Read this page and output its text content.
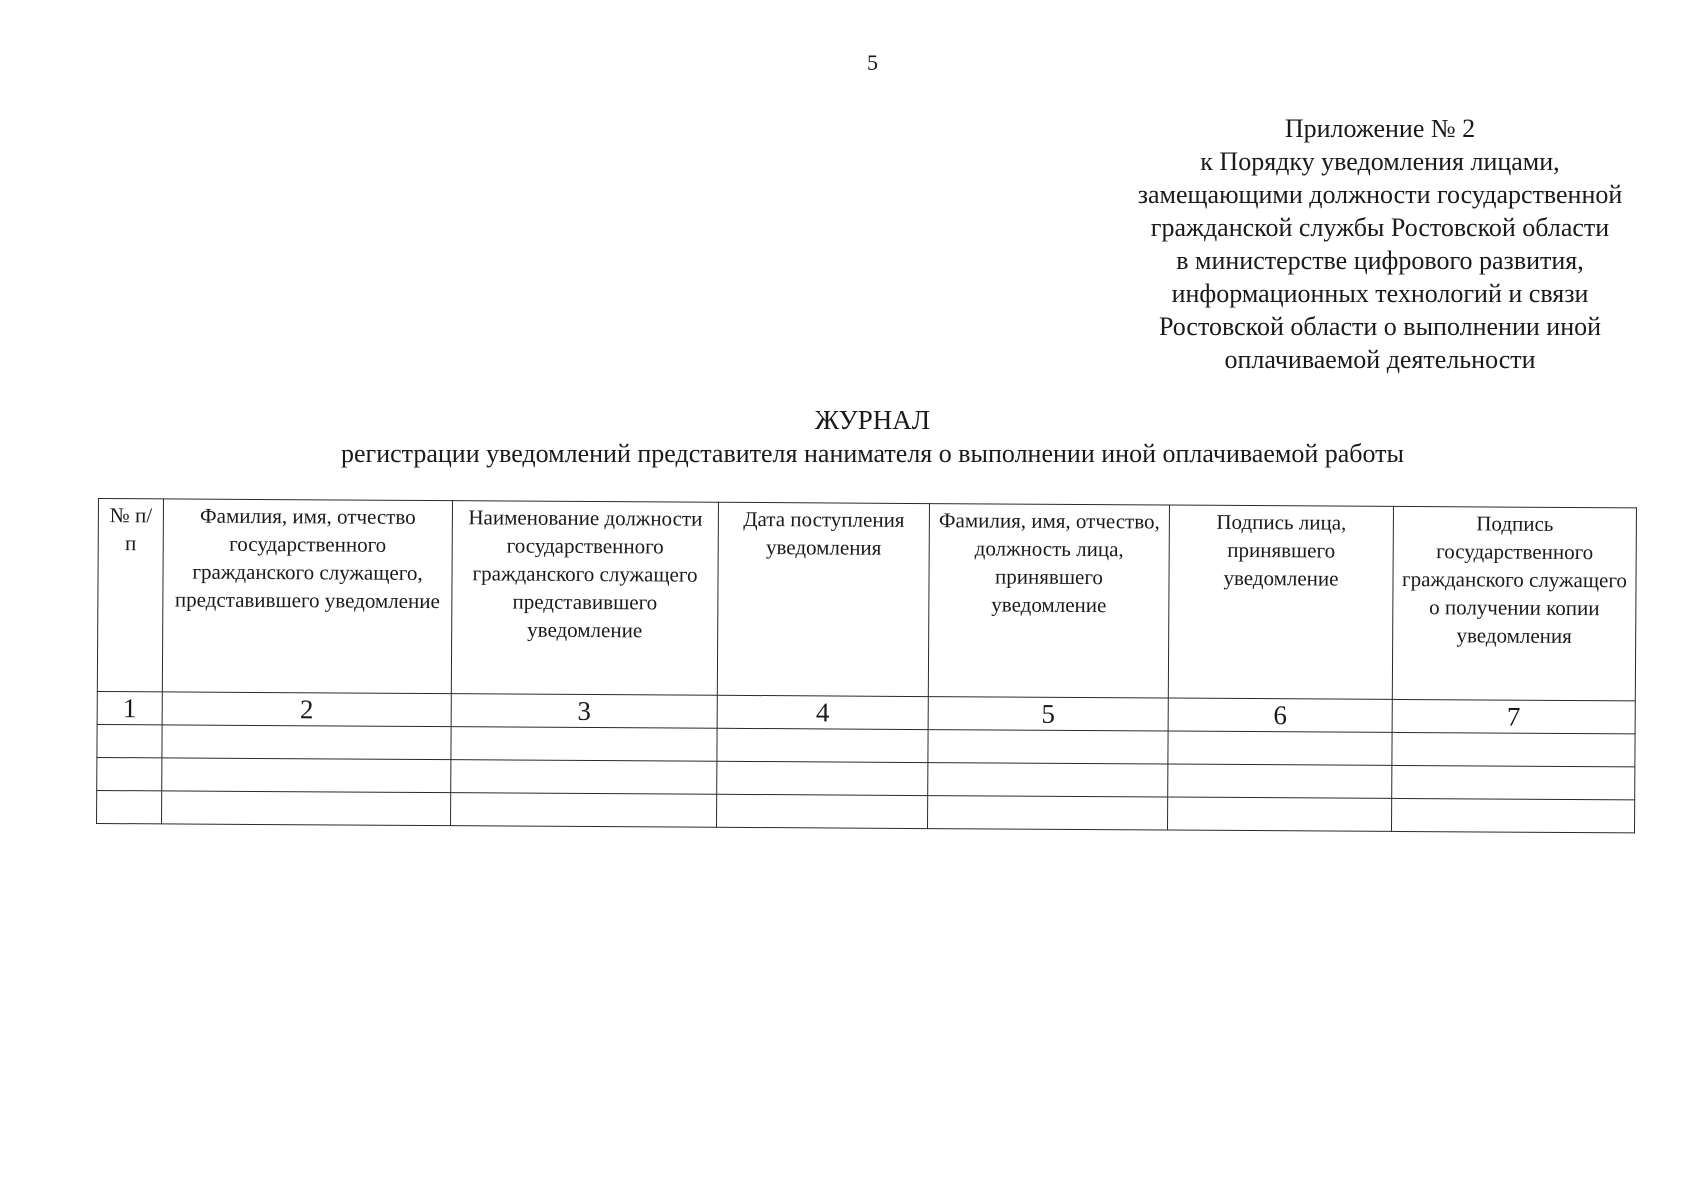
5
Приложение № 2
к Порядку уведомления лицами,
замещающими должности государственной
гражданской службы Ростовской области
в министерстве цифрового развития,
информационных технологий и связи
Ростовской области о выполнении иной
оплачиваемой деятельности
ЖУРНАЛ
регистрации уведомлений представителя нанимателя о выполнении иной оплачиваемой работы
№ п/п	Фамилия, имя, отчество государственного гражданского служащего, представившего уведомление	Наименование должности государственного гражданского служащего представившего уведомление	Дата поступления уведомления	Фамилия, имя, отчество, должность лица, принявшего уведомление	Подпись лица, принявшего уведомление	Подпись государственного гражданского служащего о получении копии уведомления
1	2	3	4	5	6	7
